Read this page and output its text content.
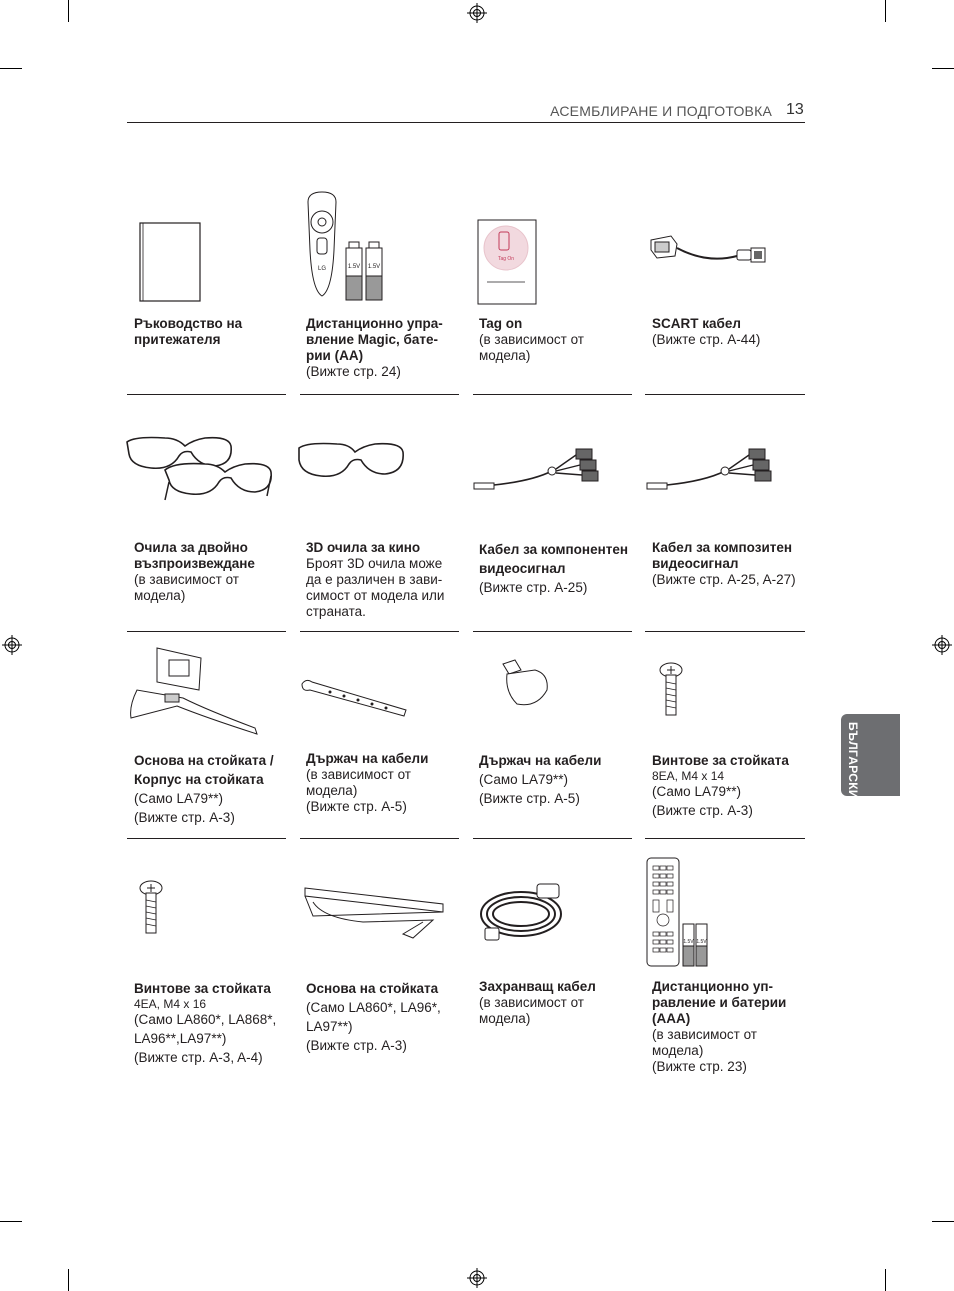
АСЕМБЛИРАНЕ И ПОДГОТОВКА 13
БЪЛГАРСКИ
LG	1.5V 1.5V
Tag On
1.5V 1.5V
Ръководство на притежателя
Дистанционно упра-вление Magic, бате-рии (AA)
(Вижте стр. 24)
Tag on
(в зависимост от модела)
SCART кабел
(Вижте стр. A-44)
Очила за двойно възпроизвеждане
(в зависимост от модела)
3D очила за кино
Броят 3D очила може да е различен в зави-симост от модела или страната.
Кабел за компонентен видеосигнал
(Вижте стр. A-25)
Кабел за композитен видеосигнал
(Вижте стр. A-25, A-27)
Основа на стойката / Корпус на стойката
(Само LA79**)
(Вижте стр. A-3)
Държач на кабели
(в зависимост от модела)
(Вижте стр. A-5)
Държач на кабели
(Само LA79**)
(Вижте стр. A-5)
Винтове за стойката
8EA, M4 x 14
(Само LA79**)
(Вижте стр. A-3)
Винтове за стойката
4EA, M4 x 16
(Само LA860*, LA868*, LA96**,LA97**)
(Вижте стр. A-3, A-4)
Основа на стойката
(Само LA860*, LA96*, LA97**)
(Вижте стр. A-3)
Захранващ кабел
(в зависимост от модела)
Дистанционно уп-равление и батерии (AAA)
(в зависимост от модела)
(Вижте стр. 23)
